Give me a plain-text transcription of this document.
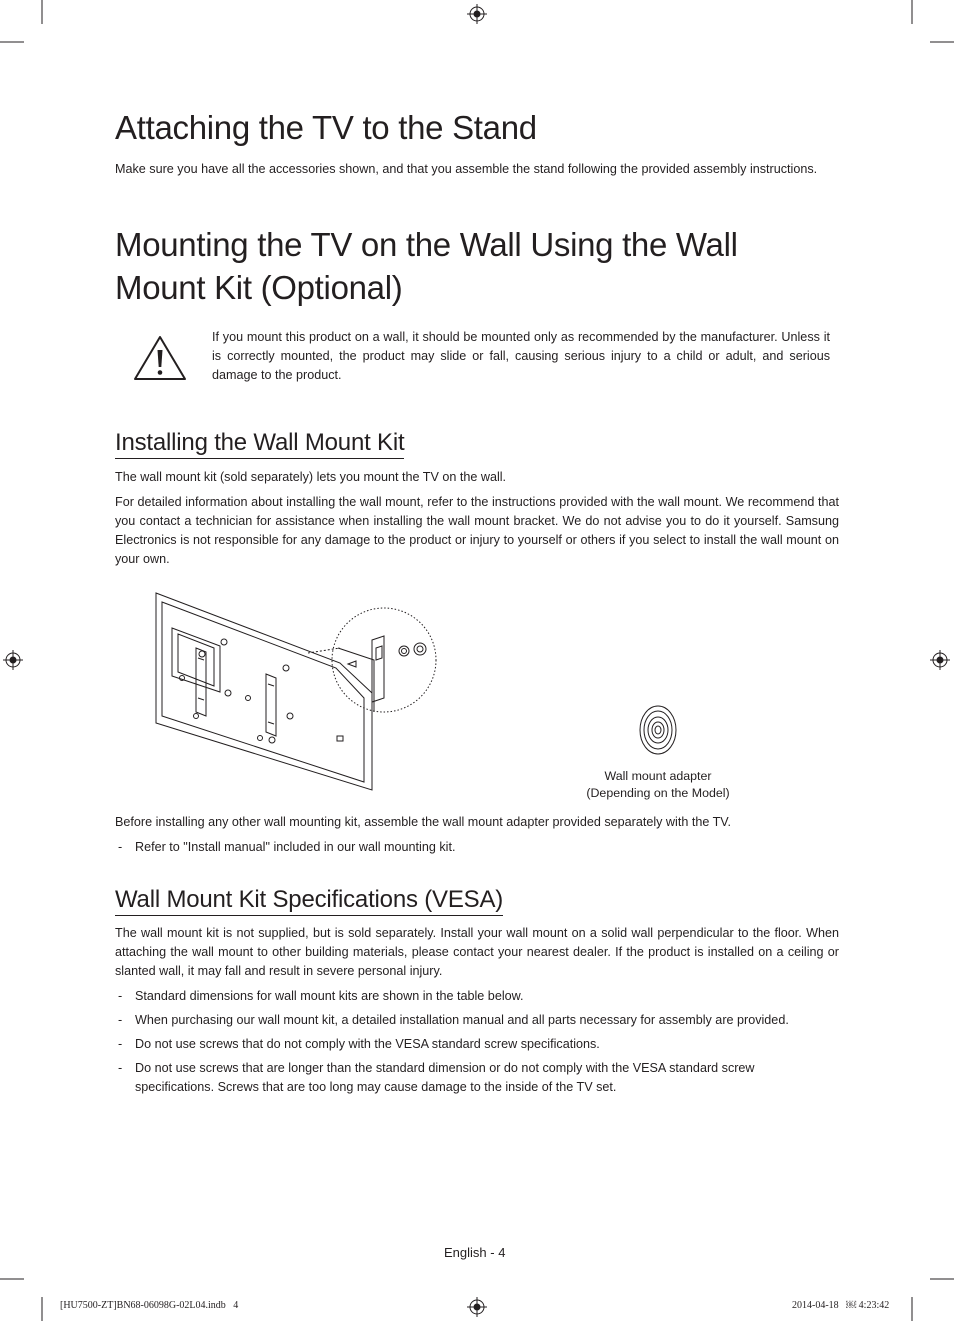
Attaching the TV to the Stand

Make sure you have all the accessories shown, and that you assemble the stand following the provided assembly instructions.

Mounting the TV on the Wall Using the Wall
Mount Kit (Optional)

If you mount this product on a wall, it should be mounted only as recommended by the manufacturer. Unless it is correctly mounted, the product may slide or fall, causing serious injury to a child or adult, and serious damage to the product.

Installing the Wall Mount Kit

The wall mount kit (sold separately) lets you mount the TV on the wall.

For detailed information about installing the wall mount, refer to the instructions provided with the wall mount. We recommend that you contact a technician for assistance when installing the wall mount bracket. We do not advise you to do it yourself. Samsung Electronics is not responsible for any damage to the product or injury to yourself or others if you select to install the wall mount on your own.

Wall mount adapter
(Depending on the Model)

Before installing any other wall mounting kit, assemble the wall mount adapter provided separately with the TV.

- Refer to "Install manual" included in our wall mounting kit.
Wall Mount Kit Specifications (VESA)

The wall mount kit is not supplied, but is sold separately. Install your wall mount on a solid wall perpendicular to the floor. When attaching the wall mount to other building materials, please contact your nearest dealer. If the product is installed on a ceiling or slanted wall, it may fall and result in severe personal injury.

- Standard dimensions for wall mount kits are shown in the table below.
- When purchasing our wall mount kit, a detailed installation manual and all parts necessary for assembly are provided.
- Do not use screws that do not comply with the VESA standard screw specifications.
- Do not use screws that are longer than the standard dimension or do not comply with the VESA standard screw specifications. Screws that are too long may cause damage to the inside of the TV set.
English - 4
[HU7500-ZT]BN68-06098G-02L04.indb   4	2014-04-18   ￼ 4:23:42
